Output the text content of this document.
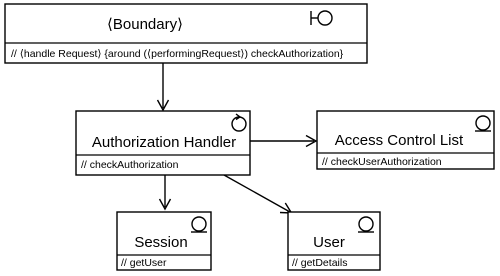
⟨Boundary⟩
// ⟨handle Request⟩ {around (⟨performingRequest⟩) checkAuthorization}
Authorization Handler
// checkAuthorization
Access Control List
// checkUserAuthorization
Session
// getUser
User
// getDetails
